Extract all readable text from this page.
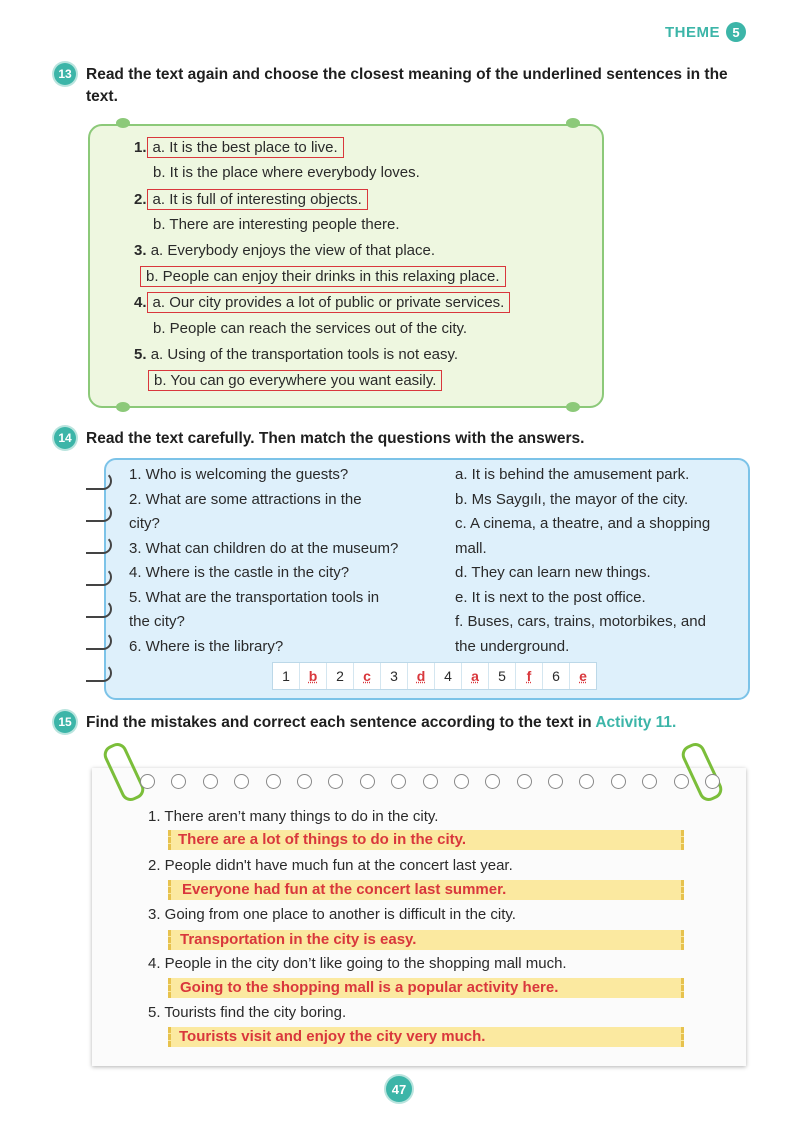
THEME 5
13 Read the text again and choose the closest meaning of the underlined sentences in the text.
1. a. It is the best place to live.
b. It is the place where everybody loves.
2. a. It is full of interesting objects.
b. There are interesting people there.
3. a. Everybody enjoys the view of that place.
b. People can enjoy their drinks in this relaxing place.
4. a. Our city provides a lot of public or private services.
b. People can reach the services out of the city.
5. a. Using of the transportation tools is not easy.
b. You can go everywhere you want easily.
14 Read the text carefully. Then match the questions with the answers.
1. Who is welcoming the guests?
2. What are some attractions in the
city?
3. What can children do at the museum?
4. Where is the castle in the city?
5. What are the transportation tools in
the city?
6. Where is the library?
a. It is behind the amusement park.
b. Ms Saygılı, the mayor of the city.
c. A cinema, a theatre, and a shopping
mall.
d. They can learn new things.
e. It is next to the post office.
f. Buses, cars, trains, motorbikes, and
the underground.
1	b	2	c	3	d	4	a	5	f	6	e
15 Find the mistakes and correct each sentence according to the text in Activity 11.
1. There aren’t many things to do in the city.
There are a lot of things to do in the city.
2. People didn't have much fun at the concert last year.
Everyone had fun at the concert last summer.
3. Going from one place to another is difficult in the city.
Transportation in the city is easy.
4. People in the city don’t like going to the shopping mall much.
Going to the shopping mall is a popular activity here.
5. Tourists find the city boring.
Tourists visit and enjoy the city very much.
47
